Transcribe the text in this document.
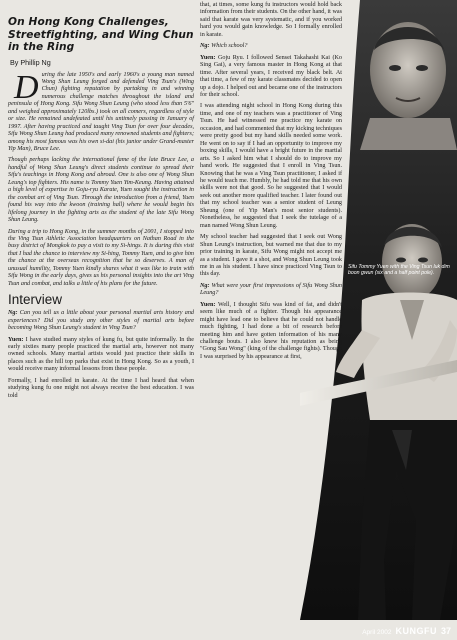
On Hong Kong Challenges, Streetfighting, and Wing Chun in the Ring
By Phillip Ng

During the late 1950's and early 1960's a young man named Wong Shun Leung forged and defended Ving Tsun's (Wing Chun) fighting reputation by partaking in and winning numerous challenge matches throughout the island and peninsula of Hong Kong. Sifu Wong Shun Leung (who stood less than 5'6" and weighed approximately 120lbs.) took on all comers, regardless of style or size. He remained undefeated until his untimely passing in January of 1997. After having practiced and taught Ving Tsun for over four decades, Sifu Wong Shun Leung had produced many renowned students and fighters; among his most famous was his own si-dai (his junior under Grand-master Yip Man), Bruce Lee.

Though perhaps lacking the international fame of the late Bruce Lee, a handful of Wong Shun Leung's direct students continue to spread their Sifu's teachings in Hong Kong and abroad. One is also one of Wong Shun Leung's top fighters. His name is Tommy Yuen Yim-Keung. Having attained a high level of expertise in Goju-ryu Karate, Yuen sought the instruction in the combat art of Ving Tsun. Through the introduction from a friend, Yuen found his way into the kwoon (training hall) where he would begin his lifelong journey in the fighting arts as the student of the late Sifu Wong Shun Leung.

During a trip to Hong Kong, in the summer months of 2001, I stopped into the Ving Tsun Athletic Association headquarters on Nathan Road in the busy district of Mongkok to pay a visit to my Si-hings. It is during this visit that I had the chance to interview my Si-hing, Tommy Yuen, and to give him the chance at the overseas recognition that he so deserves. A man of unusual humility, Tommy Yuen kindly shares what it was like to train with Sifu Wong in the early days, gives us his personal insights into the art Ving Tsun and combat, and talks a little of his plans for the future.

Interview

Ng: Can you tell us a little about your personal martial arts history and experiences? Did you study any other styles of martial arts before becoming Wong Shun Leung's student in Ving Tsun?

Yuen: I have studied many styles of kung fu, but quite informally. In the early sixties many people practiced the martial arts, however not many owned schools. Many martial artists would just practice their skills in places such as the hill top parks that exist in Hong Kong. So as a youth, I would receive many informal lessons from these people.

Formally, I had enrolled in karate. At the time I had heard that when studying kung fu one might not always receive the best education. I was told

Sifu Tommy Yuen with the Ving Tsun luk dim boon gwun (six and a half point pole).

that, at times, some kung fu instructors would hold back information from their students. On the other hand, it was said that karate was very systematic, and if you worked hard you would gain knowledge. So I formally enrolled in karate.

Ng: Which school?

Yuen: Goju Ryu. I followed Sensei Takahashi Kai (Ko Sing Gai), a very famous master in Hong Kong at that time. After several years, I received my black belt. At that time, a few of my karate classmates decided to open up a dojo. I helped out and became one of the instructors for their school.

I was attending night school in Hong Kong during this time, and one of my teachers was a practitioner of Ving Tsun. He had witnessed me practice my karate on occasion, and had commented that my kicking techniques were pretty good but my hand skills needed some work. He went on to say if I had an opportunity to improve my boxing skills, I would have a bright future in the martial arts. So I asked him what I should do to improve my hand work. He suggested that I enroll in Ving Tsun. Knowing that he was a Ving Tsun practitioner, I asked if he would teach me. Humbly, he had told me that his own skills were not that good. So he suggested that I would seek out another more qualified teacher. I later found out that my school teacher was a senior student of Leung Sheung (one of Yip Man's most senior students). Nonetheless, he suggested that I seek the tutelage of a man named Wong Shun Leung.

My school teacher had suggested that I seek out Wong Shun Leung's instruction, but warned me that due to my prior training in karate, Sifu Wong might not accept me as a student. I gave it a shot, and Wong Shun Leung took me in as his student. I have since practiced Ving Tsun to this day.

Ng: What were your first impressions of Sifu Wong Shun Leung?

Yuen: Well, I thought Sifu was kind of fat, and didn't seem like much of a fighter. Though his appearance might have lead one to believe that he could not handle much fighting, I had done a bit of research before meeting him and have gotten information of his many challenge bouts. I also knew his reputation as being "Gong Sau Wong" (king of the challenge fights). Though I was surprised by his appearance at first,

April 2002 KUNGFU 37
